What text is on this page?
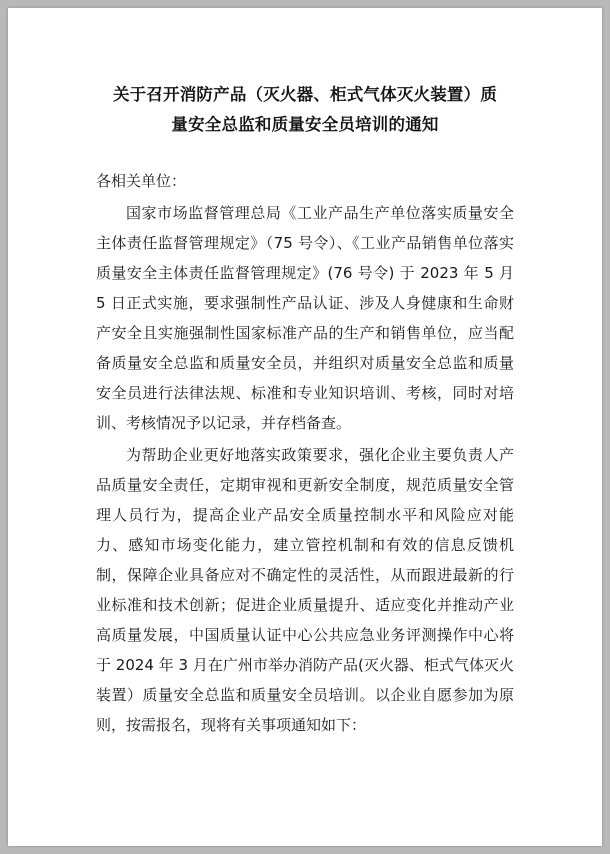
关于召开消防产品（灭火器、柜式气体灭火装置）质
量安全总监和质量安全员培训的通知

各相关单位：

国家市场监督管理总局《工业产品生产单位落实质量安全主体责任监督管理规定》（75 号令）、《工业产品销售单位落实质量安全主体责任监督管理规定》(76 号令) 于 2023 年 5 月 5 日正式实施，要求强制性产品认证、涉及人身健康和生命财产安全且实施强制性国家标准产品的生产和销售单位，应当配备质量安全总监和质量安全员，并组织对质量安全总监和质量安全员进行法律法规、标准和专业知识培训、考核，同时对培训、考核情况予以记录，并存档备查。

为帮助企业更好地落实政策要求，强化企业主要负责人产品质量安全责任，定期审视和更新安全制度，规范质量安全管理人员行为，提高企业产品安全质量控制水平和风险应对能力、感知市场变化能力，建立管控机制和有效的信息反馈机制，保障企业具备应对不确定性的灵活性，从而跟进最新的行业标准和技术创新；促进企业质量提升、适应变化并推动产业高质量发展，中国质量认证中心公共应急业务评测操作中心将于 2024 年 3 月在广州市举办消防产品(灭火器、柜式气体灭火装置）质量安全总监和质量安全员培训。以企业自愿参加为原则，按需报名，现将有关事项通知如下：
